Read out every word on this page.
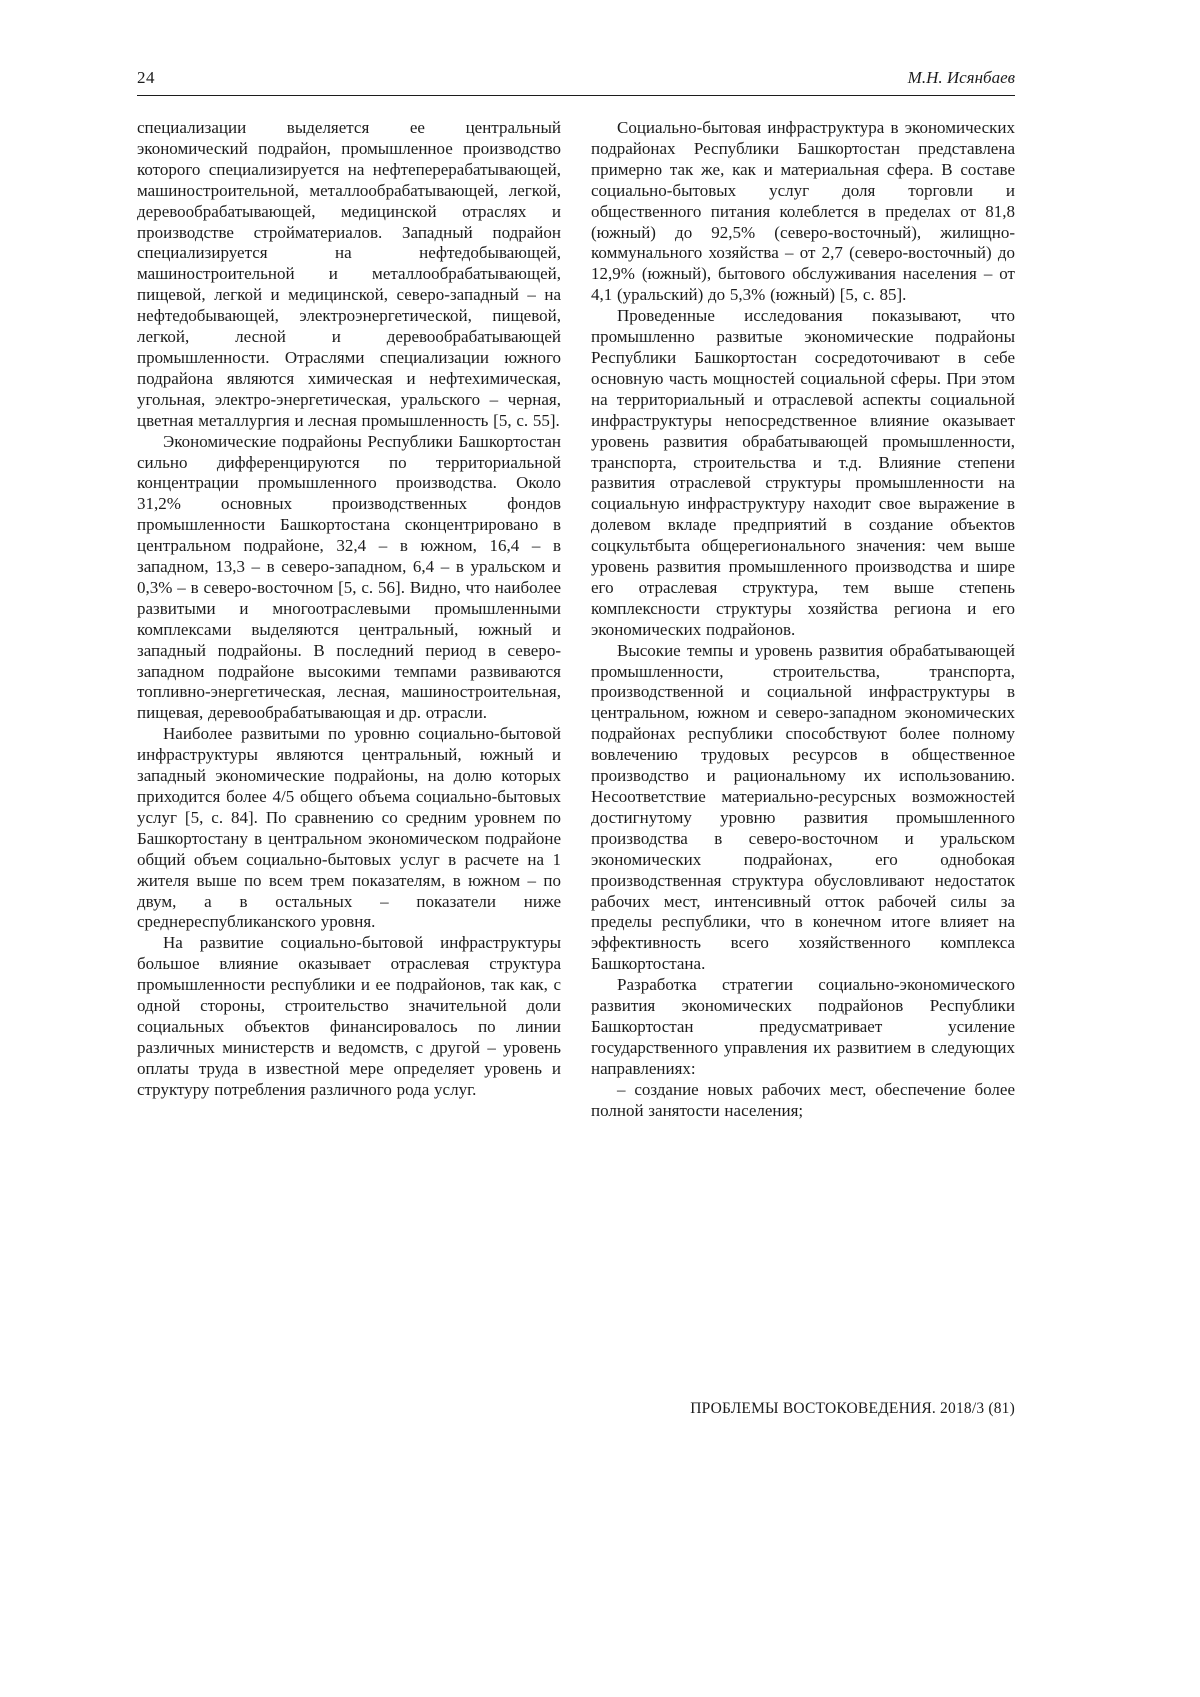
24	М.Н. Исянбаев

специализации выделяется ее центральный экономический подрайон, промышленное производство которого специализируется на нефтеперерабатывающей, машиностроительной, металлообрабатывающей, легкой, деревообрабатывающей, медицинской отраслях и производстве стройматериалов. Западный подрайон специализируется на нефтедобывающей, машиностроительной и металлообрабатывающей, пищевой, легкой и медицинской, северо-западный – на нефтедобывающей, электроэнергетической, пищевой, легкой, лесной и деревообрабатывающей промышленности. Отраслями специализации южного подрайона являются химическая и нефтехимическая, угольная, электро-энергетическая, уральского – черная, цветная металлургия и лесная промышленность [5, с. 55].

Экономические подрайоны Республики Башкортостан сильно дифференцируются по территориальной концентрации промышленного производства. Около 31,2% основных производственных фондов промышленности Башкортостана сконцентрировано в центральном подрайоне, 32,4 – в южном, 16,4 – в западном, 13,3 – в северо-западном, 6,4 – в уральском и 0,3% – в северо-восточном [5, с. 56]. Видно, что наиболее развитыми и многоотраслевыми промышленными комплексами выделяются центральный, южный и западный подрайоны. В последний период в северо-западном подрайоне высокими темпами развиваются топливно-энергетическая, лесная, машиностроительная, пищевая, деревообрабатывающая и др. отрасли.

Наиболее развитыми по уровню социально-бытовой инфраструктуры являются центральный, южный и западный экономические подрайоны, на долю которых приходится более 4/5 общего объема социально-бытовых услуг [5, с. 84]. По сравнению со средним уровнем по Башкортостану в центральном экономическом подрайоне общий объем социально-бытовых услуг в расчете на 1 жителя выше по всем трем показателям, в южном – по двум, а в остальных – показатели ниже среднереспубликанского уровня.

На развитие социально-бытовой инфраструктуры большое влияние оказывает отраслевая структура промышленности республики и ее подрайонов, так как, с одной стороны, строительство значительной доли социальных объектов финансировалось по линии различных министерств и ведомств, с другой – уровень оплаты труда в известной мере определяет уровень и структуру потребления различного рода услуг.

Социально-бытовая инфраструктура в экономических подрайонах Республики Башкортостан представлена примерно так же, как и материальная сфера. В составе социально-бытовых услуг доля торговли и общественного питания колеблется в пределах от 81,8 (южный) до 92,5% (северо-восточный), жилищно-коммунального хозяйства – от 2,7 (северо-восточный) до 12,9% (южный), бытового обслуживания населения – от 4,1 (уральский) до 5,3% (южный) [5, с. 85].

Проведенные исследования показывают, что промышленно развитые экономические подрайоны Республики Башкортостан сосредоточивают в себе основную часть мощностей социальной сферы. При этом на территориальный и отраслевой аспекты социальной инфраструктуры непосредственное влияние оказывает уровень развития обрабатывающей промышленности, транспорта, строительства и т.д. Влияние степени развития отраслевой структуры промышленности на социальную инфраструктуру находит свое выражение в долевом вкладе предприятий в создание объектов соцкультбыта общерегионального значения: чем выше уровень развития промышленного производства и шире его отраслевая структура, тем выше степень комплексности структуры хозяйства региона и его экономических подрайонов.

Высокие темпы и уровень развития обрабатывающей промышленности, строительства, транспорта, производственной и социальной инфраструктуры в центральном, южном и северо-западном экономических подрайонах республики способствуют более полному вовлечению трудовых ресурсов в общественное производство и рациональному их использованию. Несоответствие материально-ресурсных возможностей достигнутому уровню развития промышленного производства в северо-восточном и уральском экономических подрайонах, его однобокая производственная структура обусловливают недостаток рабочих мест, интенсивный отток рабочей силы за пределы республики, что в конечном итоге влияет на эффективность всего хозяйственного комплекса Башкортостана.

Разработка стратегии социально-экономического развития экономических подрайонов Республики Башкортостан предусматривает усиление государственного управления их развитием в следующих направлениях:

– создание новых рабочих мест, обеспечение более полной занятости населения;

ПРОБЛЕМЫ ВОСТОКОВЕДЕНИЯ. 2018/3 (81)
